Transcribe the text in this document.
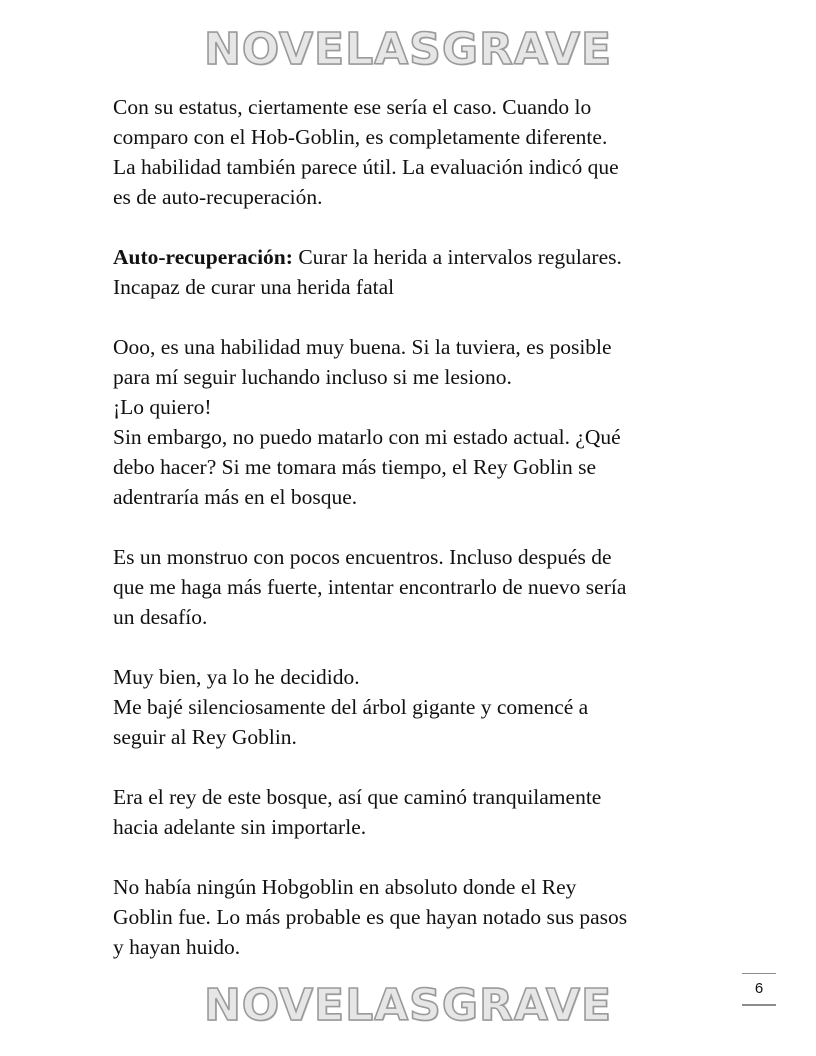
NOVELASGRAVE
Con su estatus, ciertamente ese sería el caso. Cuando lo
comparo con el Hob-Goblin, es completamente diferente.
La habilidad también parece útil. La evaluación indicó que
es de auto-recuperación.
Auto-recuperación: Curar la herida a intervalos regulares.
Incapaz de curar una herida fatal
Ooo, es una habilidad muy buena. Si la tuviera, es posible
para mí seguir luchando incluso si me lesiono.
¡Lo quiero!
Sin embargo, no puedo matarlo con mi estado actual. ¿Qué
debo hacer? Si me tomara más tiempo, el Rey Goblin se
adentraría más en el bosque.
Es un monstruo con pocos encuentros. Incluso después de
que me haga más fuerte, intentar encontrarlo de nuevo sería
un desafío.
Muy bien, ya lo he decidido.
Me bajé silenciosamente del árbol gigante y comencé a
seguir al Rey Goblin.
Era el rey de este bosque, así que caminó tranquilamente
hacia adelante sin importarle.
No había ningún Hobgoblin en absoluto donde el Rey
Goblin fue. Lo más probable es que hayan notado sus pasos
y hayan huido.
6
NOVELASGRAVE
